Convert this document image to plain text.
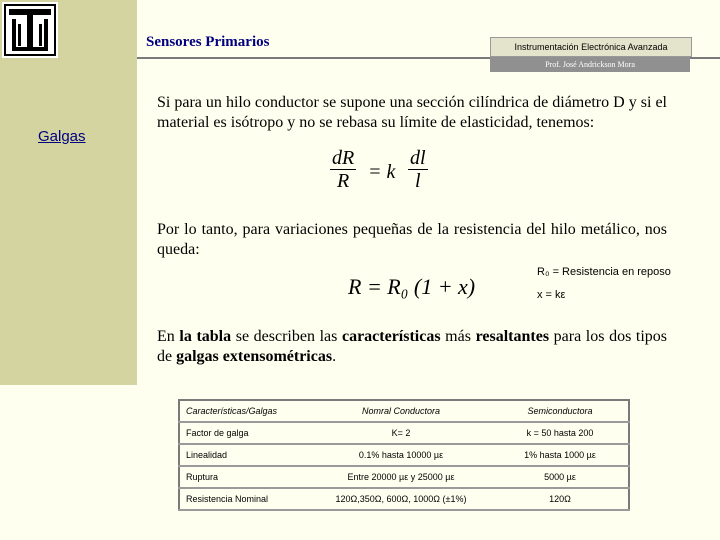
Sensores Primarios	Instrumentación Electrónica Avanzada
Prof. José Andrickson Mora
Galgas
Si para un hilo conductor se supone una sección cilíndrica de diámetro D y si el material es isótropo y no se rebasa su límite de elasticidad, tenemos:
$\frac{dR}{R} = k \frac{dl}{l}$
Por lo tanto, para variaciones pequeñas de la resistencia del hilo metálico, nos queda:
R = R₀ (1 + x)
R₀ = Resistencia en reposo
x = kε
En la tabla se describen las características más resaltantes para los dos tipos de galgas extensométricas.
Características/Galgas	Nomral Conductora	Semiconductora
Factor de galga	K= 2	k = 50 hasta 200
Linealidad	0.1% hasta 10000 µε	1% hasta 1000 µε
Ruptura	Entre 20000 µε y 25000 µε	5000 µε
Resistencia Nominal	120Ω,350Ω, 600Ω, 1000Ω (±1%)	120Ω
